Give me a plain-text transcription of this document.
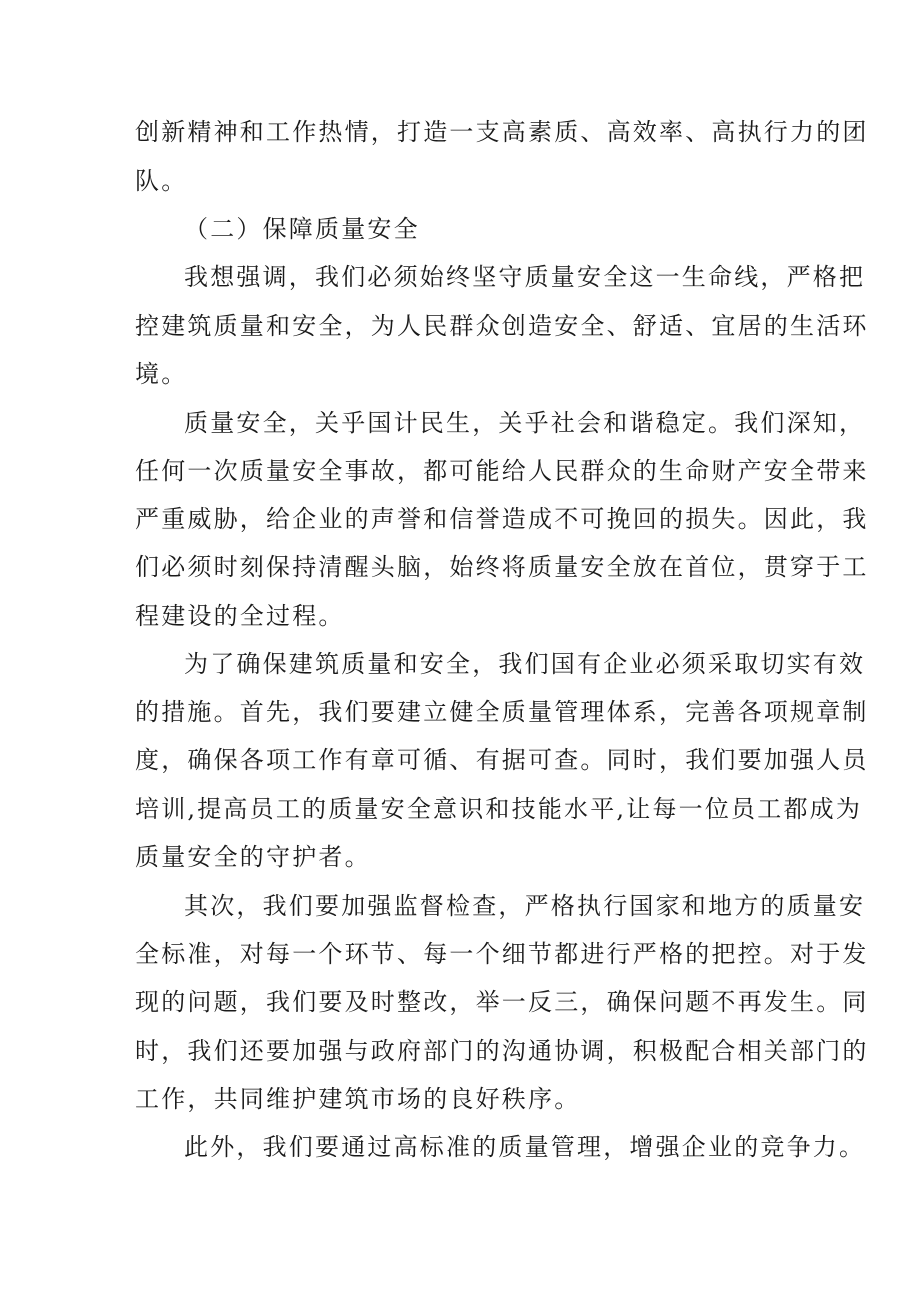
创新精神和工作热情，打造一支高素质、高效率、高执行力的团
队。
（二）保障质量安全
我想强调，我们必须始终坚守质量安全这一生命线，严格把
控建筑质量和安全，为人民群众创造安全、舒适、宜居的生活环
境。
质量安全，关乎国计民生，关乎社会和谐稳定。我们深知，
任何一次质量安全事故，都可能给人民群众的生命财产安全带来
严重威胁，给企业的声誉和信誉造成不可挽回的损失。因此，我
们必须时刻保持清醒头脑，始终将质量安全放在首位，贯穿于工
程建设的全过程。
为了确保建筑质量和安全，我们国有企业必须采取切实有效
的措施。首先，我们要建立健全质量管理体系，完善各项规章制
度，确保各项工作有章可循、有据可查。同时，我们要加强人员
培训,提高员工的质量安全意识和技能水平,让每一位员工都成为
质量安全的守护者。
其次，我们要加强监督检查，严格执行国家和地方的质量安
全标准，对每一个环节、每一个细节都进行严格的把控。对于发
现的问题，我们要及时整改，举一反三，确保问题不再发生。同
时，我们还要加强与政府部门的沟通协调，积极配合相关部门的
工作，共同维护建筑市场的良好秩序。
此外，我们要通过高标准的质量管理，增强企业的竞争力。
